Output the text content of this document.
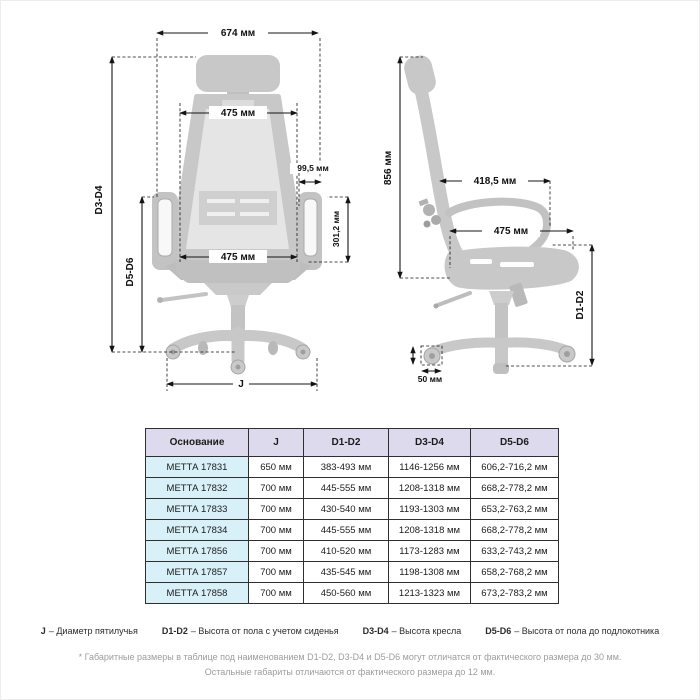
674 мм
D3-D4
475 мм
99,5 мм
301,2 мм
D5-D6
475 мм
J
856 мм	418,5 мм
475 мм
D1-D2
50 мм
Основание	J	D1-D2	D3-D4	D5-D6
МЕТТА 17831	650 мм	383-493 мм	1146-1256 мм	606,2-716,2 мм
МЕТТА 17832	700 мм	445-555 мм	1208-1318 мм	668,2-778,2 мм
МЕТТА 17833	700 мм	430-540 мм	1193-1303 мм	653,2-763,2 мм
МЕТТА 17834	700 мм	445-555 мм	1208-1318 мм	668,2-778,2 мм
МЕТТА 17856	700 мм	410-520 мм	1173-1283 мм	633,2-743,2 мм
МЕТТА 17857	700 мм	435-545 мм	1198-1308 мм	658,2-768,2 мм
МЕТТА 17858	700 мм	450-560 мм	1213-1323 мм	673,2-783,2 мм
J – Диаметр пятилучья	D1-D2 – Высота от пола с учетом сиденья	D3-D4 – Высота кресла	D5-D6 – Высота от пола до подлокотника
* Габаритные размеры в таблице под наименованием D1-D2, D3-D4 и D5-D6 могут отличатся от фактического размера до 30 мм.
Остальные габариты отличаются от фактического размера до 12 мм.
